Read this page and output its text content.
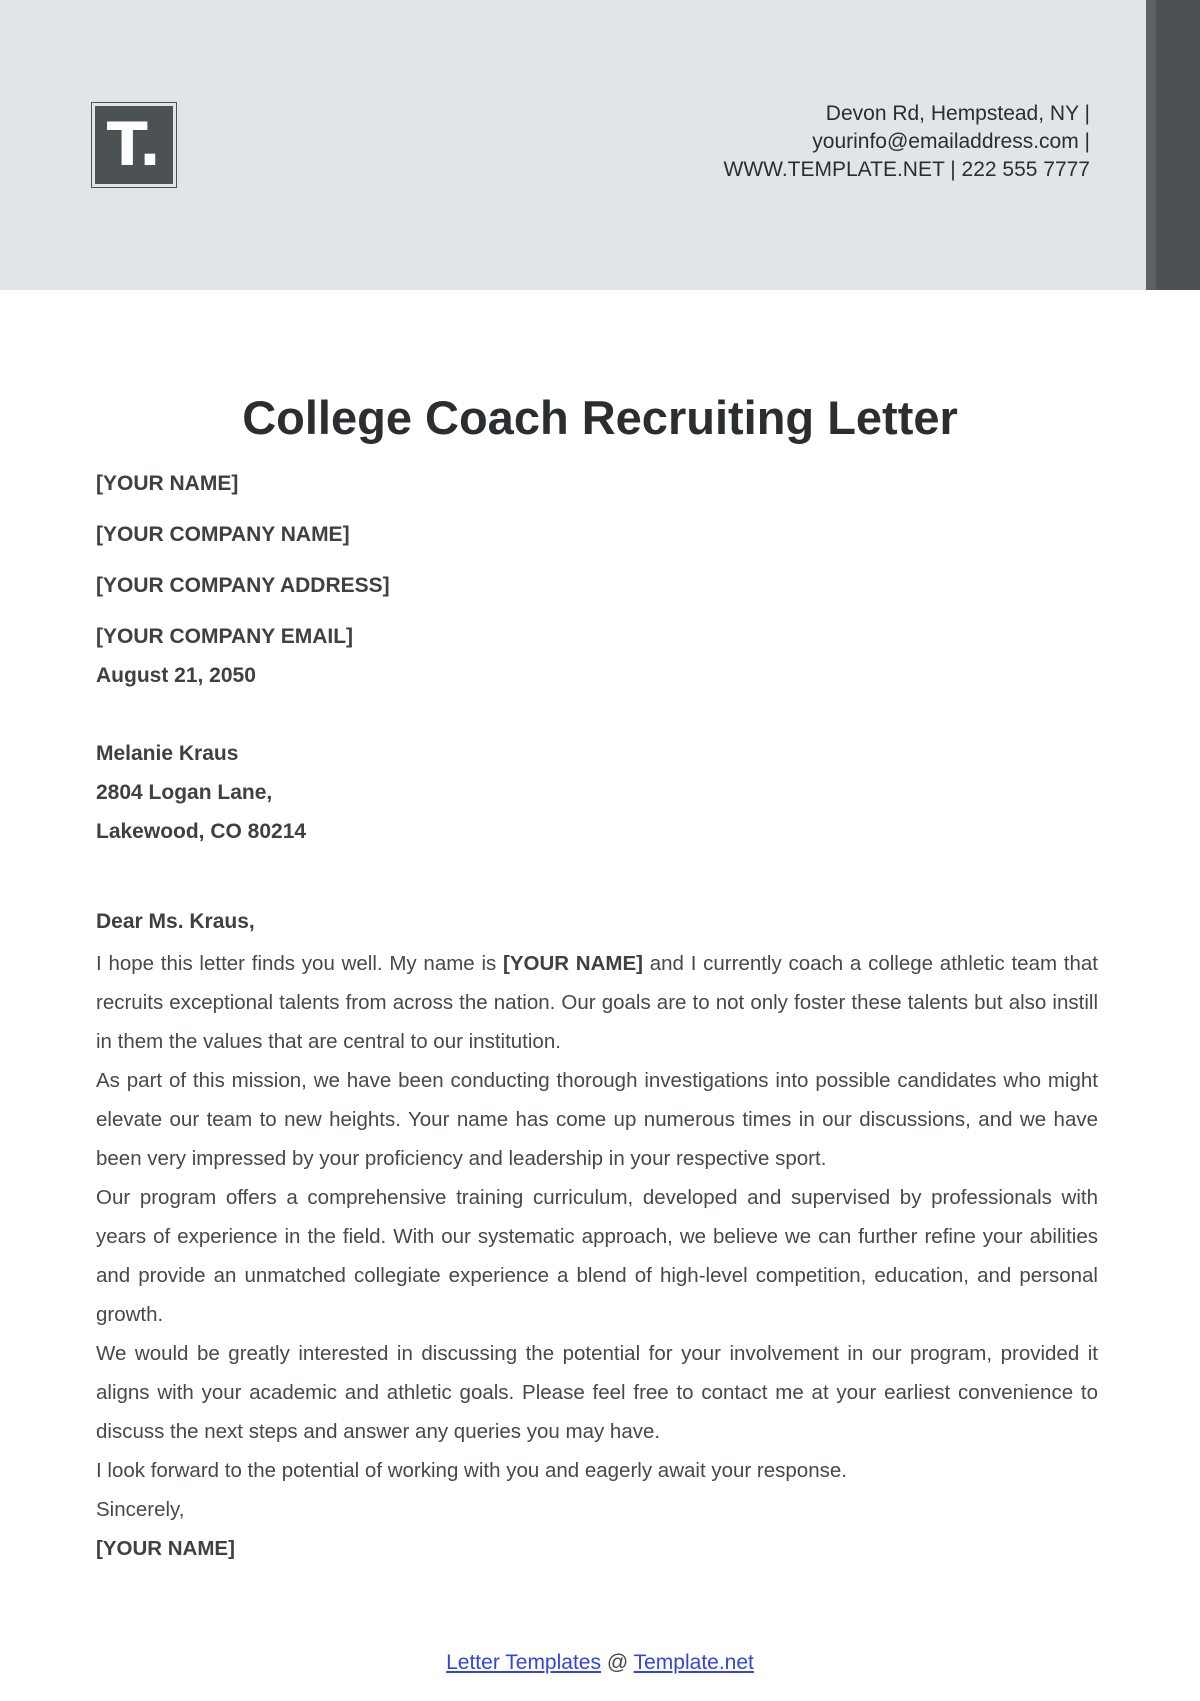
T.	Devon Rd, Hempstead, NY |
yourinfo@emailaddress.com |
WWW.TEMPLATE.NET | 222 555 7777
College Coach Recruiting Letter
[YOUR NAME]
[YOUR COMPANY NAME]
[YOUR COMPANY ADDRESS]
[YOUR COMPANY EMAIL]
August 21, 2050
Melanie Kraus
2804 Logan Lane,
Lakewood, CO 80214
Dear Ms. Kraus,

I hope this letter finds you well. My name is [YOUR NAME] and I currently coach a college athletic team that recruits exceptional talents from across the nation. Our goals are to not only foster these talents but also instill in them the values that are central to our institution.

As part of this mission, we have been conducting thorough investigations into possible candidates who might elevate our team to new heights. Your name has come up numerous times in our discussions, and we have been very impressed by your proficiency and leadership in your respective sport.

Our program offers a comprehensive training curriculum, developed and supervised by professionals with years of experience in the field. With our systematic approach, we believe we can further refine your abilities and provide an unmatched collegiate experience a blend of high-level competition, education, and personal growth.

We would be greatly interested in discussing the potential for your involvement in our program, provided it aligns with your academic and athletic goals. Please feel free to contact me at your earliest convenience to discuss the next steps and answer any queries you may have.

I look forward to the potential of working with you and eagerly await your response.

Sincerely,

[YOUR NAME]

Letter Templates @ Template.net
